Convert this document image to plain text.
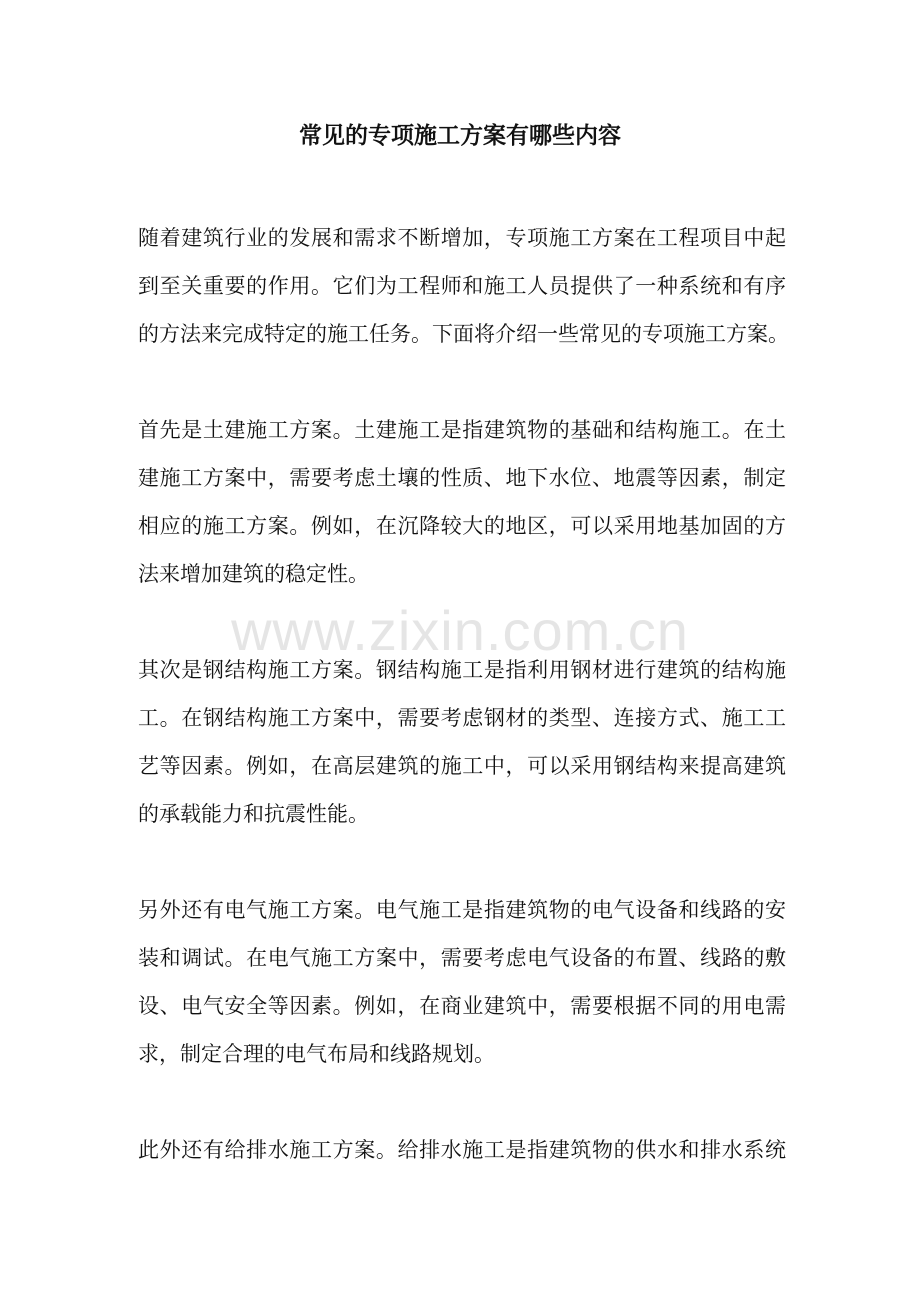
常见的专项施工方案有哪些内容

随着建筑行业的发展和需求不断增加，专项施工方案在工程项目中起
到至关重要的作用。它们为工程师和施工人员提供了一种系统和有序
的方法来完成特定的施工任务。下面将介绍一些常见的专项施工方案。

首先是土建施工方案。土建施工是指建筑物的基础和结构施工。在土
建施工方案中，需要考虑土壤的性质、地下水位、地震等因素，制定
相应的施工方案。例如，在沉降较大的地区，可以采用地基加固的方
法来增加建筑的稳定性。

其次是钢结构施工方案。钢结构施工是指利用钢材进行建筑的结构施
工。在钢结构施工方案中，需要考虑钢材的类型、连接方式、施工工
艺等因素。例如，在高层建筑的施工中，可以采用钢结构来提高建筑
的承载能力和抗震性能。

另外还有电气施工方案。电气施工是指建筑物的电气设备和线路的安
装和调试。在电气施工方案中，需要考虑电气设备的布置、线路的敷
设、电气安全等因素。例如，在商业建筑中，需要根据不同的用电需
求，制定合理的电气布局和线路规划。

此外还有给排水施工方案。给排水施工是指建筑物的供水和排水系统

www.zixin.com.cn
